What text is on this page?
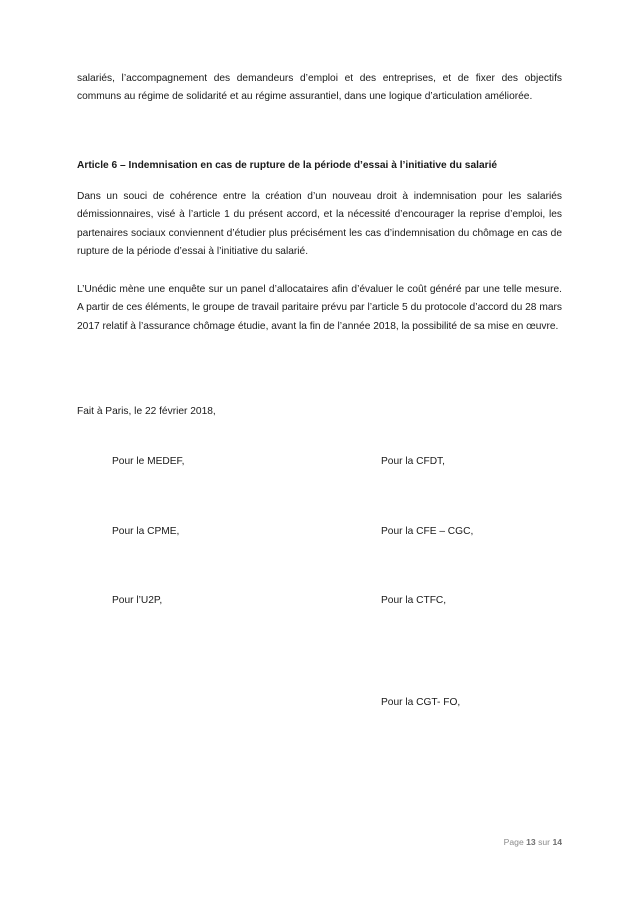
salariés, l’accompagnement des demandeurs d’emploi et des entreprises, et de fixer des objectifs communs au régime de solidarité et au régime assurantiel, dans une logique d’articulation améliorée.

Article 6 – Indemnisation en cas de rupture de la période d’essai à l’initiative du salarié

Dans un souci de cohérence entre la création d’un nouveau droit à indemnisation pour les salariés démissionnaires, visé à l’article 1 du présent accord, et la nécessité d’encourager la reprise d’emploi, les partenaires sociaux conviennent d’étudier plus précisément les cas d’indemnisation du chômage en cas de rupture de la période d’essai à l’initiative du salarié.

L’Unédic mène une enquête sur un panel d’allocataires afin d’évaluer le coût généré par une telle mesure. A partir de ces éléments, le groupe de travail paritaire prévu par l’article 5 du protocole d’accord du 28 mars 2017 relatif à l’assurance chômage étudie, avant la fin de l’année 2018, la possibilité de sa mise en œuvre.

Fait à Paris, le 22 février 2018,

Pour le MEDEF,	Pour la CFDT,

Pour la CPME,	Pour la CFE – CGC,

Pour l’U2P,	Pour la CTFC,

Pour la CGT- FO,

Page 13 sur 14
